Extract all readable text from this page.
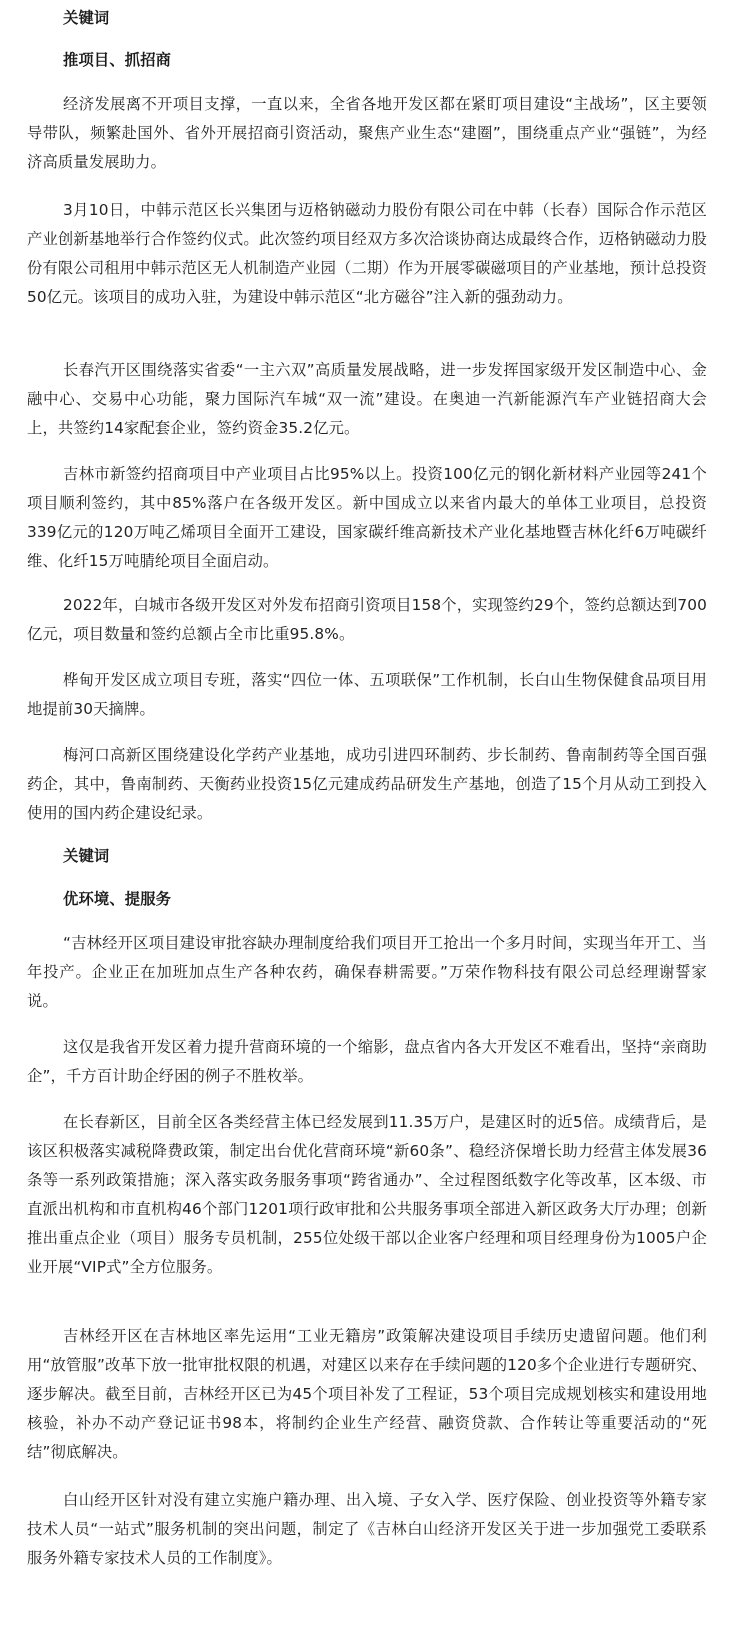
关键词

推项目、抓招商

经济发展离不开项目支撑，一直以来，全省各地开发区都在紧盯项目建设“主战场”，区主要领导带队，频繁赴国外、省外开展招商引资活动，聚焦产业生态“建圈”，围绕重点产业“强链”，为经济高质量发展助力。

3月10日，中韩示范区长兴集团与迈格钠磁动力股份有限公司在中韩（长春）国际合作示范区产业创新基地举行合作签约仪式。此次签约项目经双方多次洽谈协商达成最终合作，迈格钠磁动力股份有限公司租用中韩示范区无人机制造产业园（二期）作为开展零碳磁项目的产业基地，预计总投资50亿元。该项目的成功入驻，为建设中韩示范区“北方磁谷”注入新的强劲动力。

长春汽开区围绕落实省委“一主六双”高质量发展战略，进一步发挥国家级开发区制造中心、金融中心、交易中心功能，聚力国际汽车城“双一流”建设。在奥迪一汽新能源汽车产业链招商大会上，共签约14家配套企业，签约资金35.2亿元。

吉林市新签约招商项目中产业项目占比95%以上。投资100亿元的钢化新材料产业园等241个项目顺利签约，其中85%落户在各级开发区。新中国成立以来省内最大的单体工业项目，总投资339亿元的120万吨乙烯项目全面开工建设，国家碳纤维高新技术产业化基地暨吉林化纤6万吨碳纤维、化纤15万吨腈纶项目全面启动。

2022年，白城市各级开发区对外发布招商引资项目158个，实现签约29个，签约总额达到700亿元，项目数量和签约总额占全市比重95.8%。

桦甸开发区成立项目专班，落实“四位一体、五项联保”工作机制，长白山生物保健食品项目用地提前30天摘牌。

梅河口高新区围绕建设化学药产业基地，成功引进四环制药、步长制药、鲁南制药等全国百强药企，其中，鲁南制药、天衡药业投资15亿元建成药品研发生产基地，创造了15个月从动工到投入使用的国内药企建设纪录。

关键词

优环境、提服务

“吉林经开区项目建设审批容缺办理制度给我们项目开工抢出一个多月时间，实现当年开工、当年投产。企业正在加班加点生产各种农药，确保春耕需要。”万荣作物科技有限公司总经理谢誓家说。

这仅是我省开发区着力提升营商环境的一个缩影，盘点省内各大开发区不难看出，坚持“亲商助企”，千方百计助企纾困的例子不胜枚举。

在长春新区，目前全区各类经营主体已经发展到11.35万户，是建区时的近5倍。成绩背后，是该区积极落实减税降费政策，制定出台优化营商环境“新60条”、稳经济保增长助力经营主体发展36条等一系列政策措施；深入落实政务服务事项“跨省通办”、全过程图纸数字化等改革，区本级、市直派出机构和市直机构46个部门1201项行政审批和公共服务事项全部进入新区政务大厅办理；创新推出重点企业（项目）服务专员机制，255位处级干部以企业客户经理和项目经理身份为1005户企业开展“VIP式”全方位服务。

吉林经开区在吉林地区率先运用“工业无籍房”政策解决建设项目手续历史遗留问题。他们利用“放管服”改革下放一批审批权限的机遇，对建区以来存在手续问题的120多个企业进行专题研究、逐步解决。截至目前，吉林经开区已为45个项目补发了工程证，53个项目完成规划核实和建设用地核验，补办不动产登记证书98本，将制约企业生产经营、融资贷款、合作转让等重要活动的“死结”彻底解决。

白山经开区针对没有建立实施户籍办理、出入境、子女入学、医疗保险、创业投资等外籍专家技术人员“一站式”服务机制的突出问题，制定了《吉林白山经济开发区关于进一步加强党工委联系服务外籍专家技术人员的工作制度》。
